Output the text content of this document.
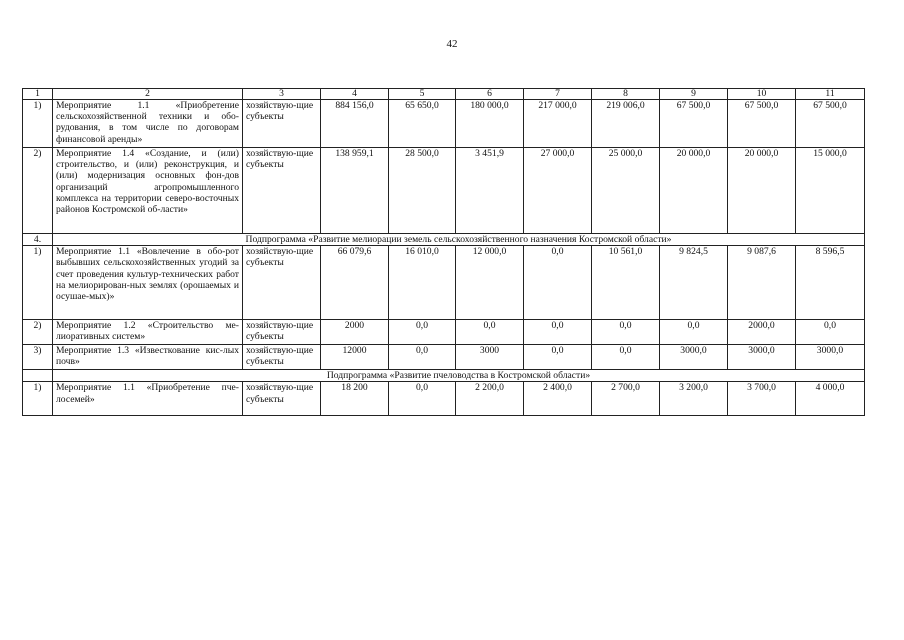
42
1	2	3	4	5	6	7	8	9	10	11
1)	Мероприятие 1.1 «Приобретение сельскохозяйственной техники и обо-рудования, в том числе по договорам финансовой аренды»	хозяйствую-щие субъекты	884 156,0	65 650,0	180 000,0	217 000,0	219 006,0	67 500,0	67 500,0	67 500,0
2)	Мероприятие 1.4 «Создание, и (или) строительство, и (или) реконструкция, и (или) модернизация основных фон-дов организаций агропромышленного комплекса на территории северо-восточных районов Костромской об-ласти»	хозяйствую-щие субъекты	138 959,1	28 500,0	3 451,9	27 000,0	25 000,0	20 000,0	20 000,0	15 000,0
4.	Подпрограмма «Развитие мелиорации земель сельскохозяйственного назначения Костромской области»									
1)	Мероприятие 1.1 «Вовлечение в обо-рот выбывших сельскохозяйственных угодий за счет проведения культур-технических работ на мелиорирован-ных землях (орошаемых и осушае-мых)»	хозяйствую-щие субъекты	66 079,6	16 010,0	12 000,0	0,0	10 561,0	9 824,5	9 087,6	8 596,5
2)	Мероприятие 1.2 «Строительство ме-лиоративных систем»	хозяйствую-щие субъекты	2000	0,0	0,0	0,0	0,0	0,0	2000,0	0,0
3)	Мероприятие 1.3 «Известкование кис-лых почв»	хозяйствую-щие субъекты	12000	0,0	3000	0,0	0,0	3000,0	3000,0	3000,0
	Подпрограмма «Развитие пчеловодства в Костромской области»									
1)	Мероприятие 1.1 «Приобретение пче-лосемей»	хозяйствую-щие субъекты	18 200	0,0	2 200,0	2 400,0	2 700,0	3 200,0	3 700,0	4 000,0
